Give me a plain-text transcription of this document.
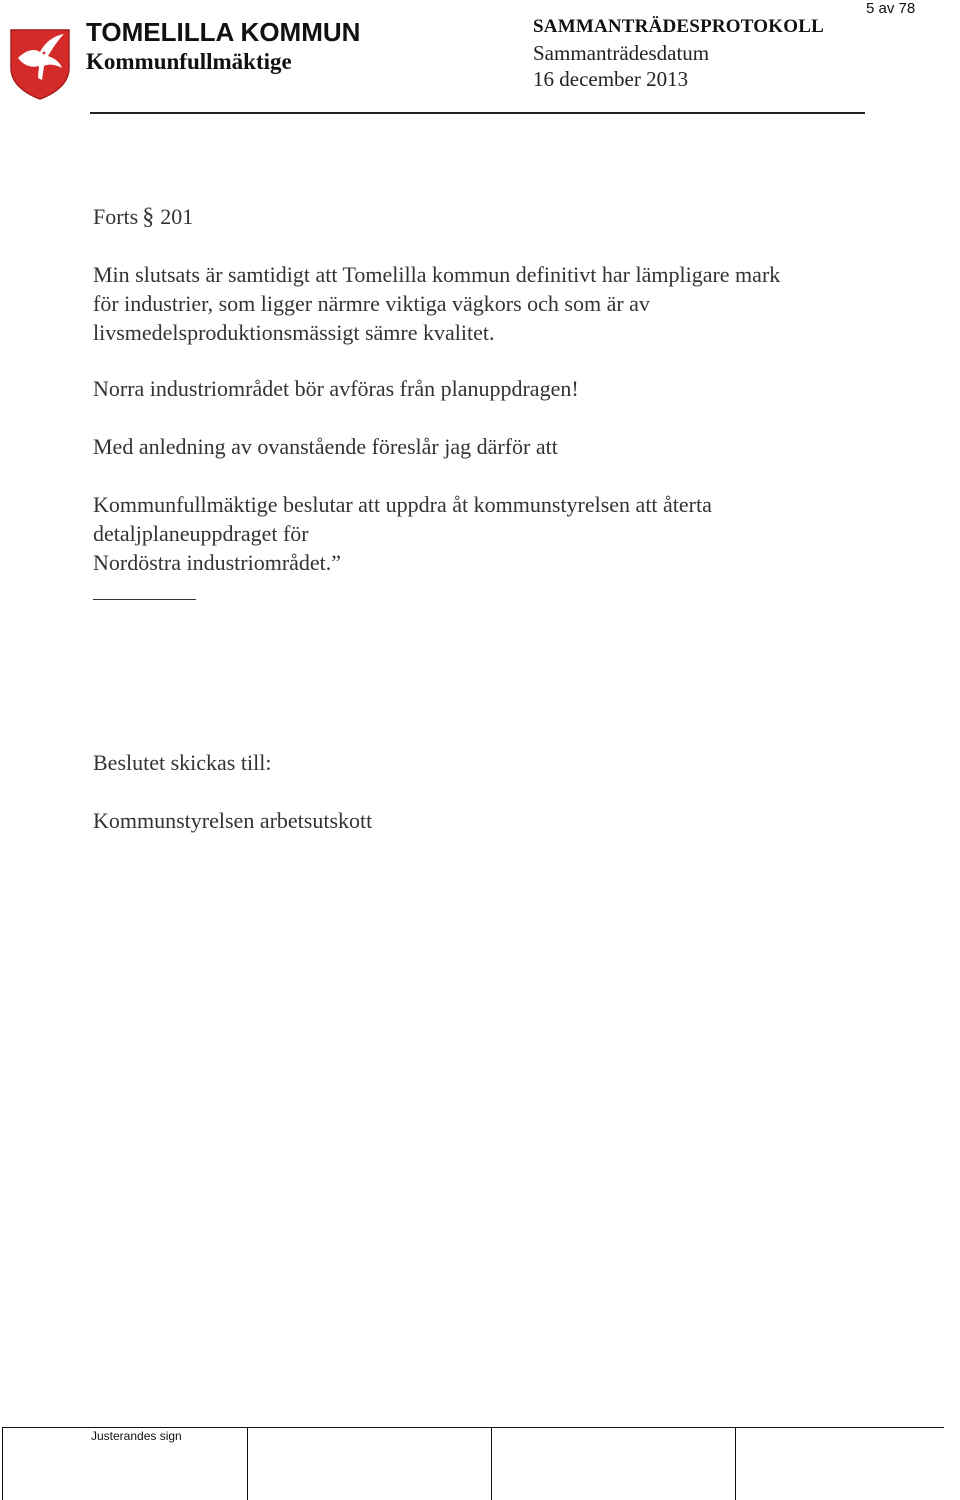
TOMELILLA KOMMUN
Kommunfullmäktige
SAMMANTRÄDESPROTOKOLL
Sammanträdesdatum
16 december 2013
5 av 78
Forts § 201
Min slutsats är samtidigt att Tomelilla kommun definitivt har lämpligare mark
för industrier, som ligger närmre viktiga vägkors och som är av
livsmedelsproduktionsmässigt sämre kvalitet.
Norra industriområdet bör avföras från planuppdragen!
Med anledning av ovanstående föreslår jag därför att
Kommunfullmäktige beslutar att uppdra åt kommunstyrelsen att återta
detaljplaneuppdraget för
Nordöstra industriområdet.”
Beslutet skickas till:
Kommunstyrelsen arbetsutskott
Justerandes sign
